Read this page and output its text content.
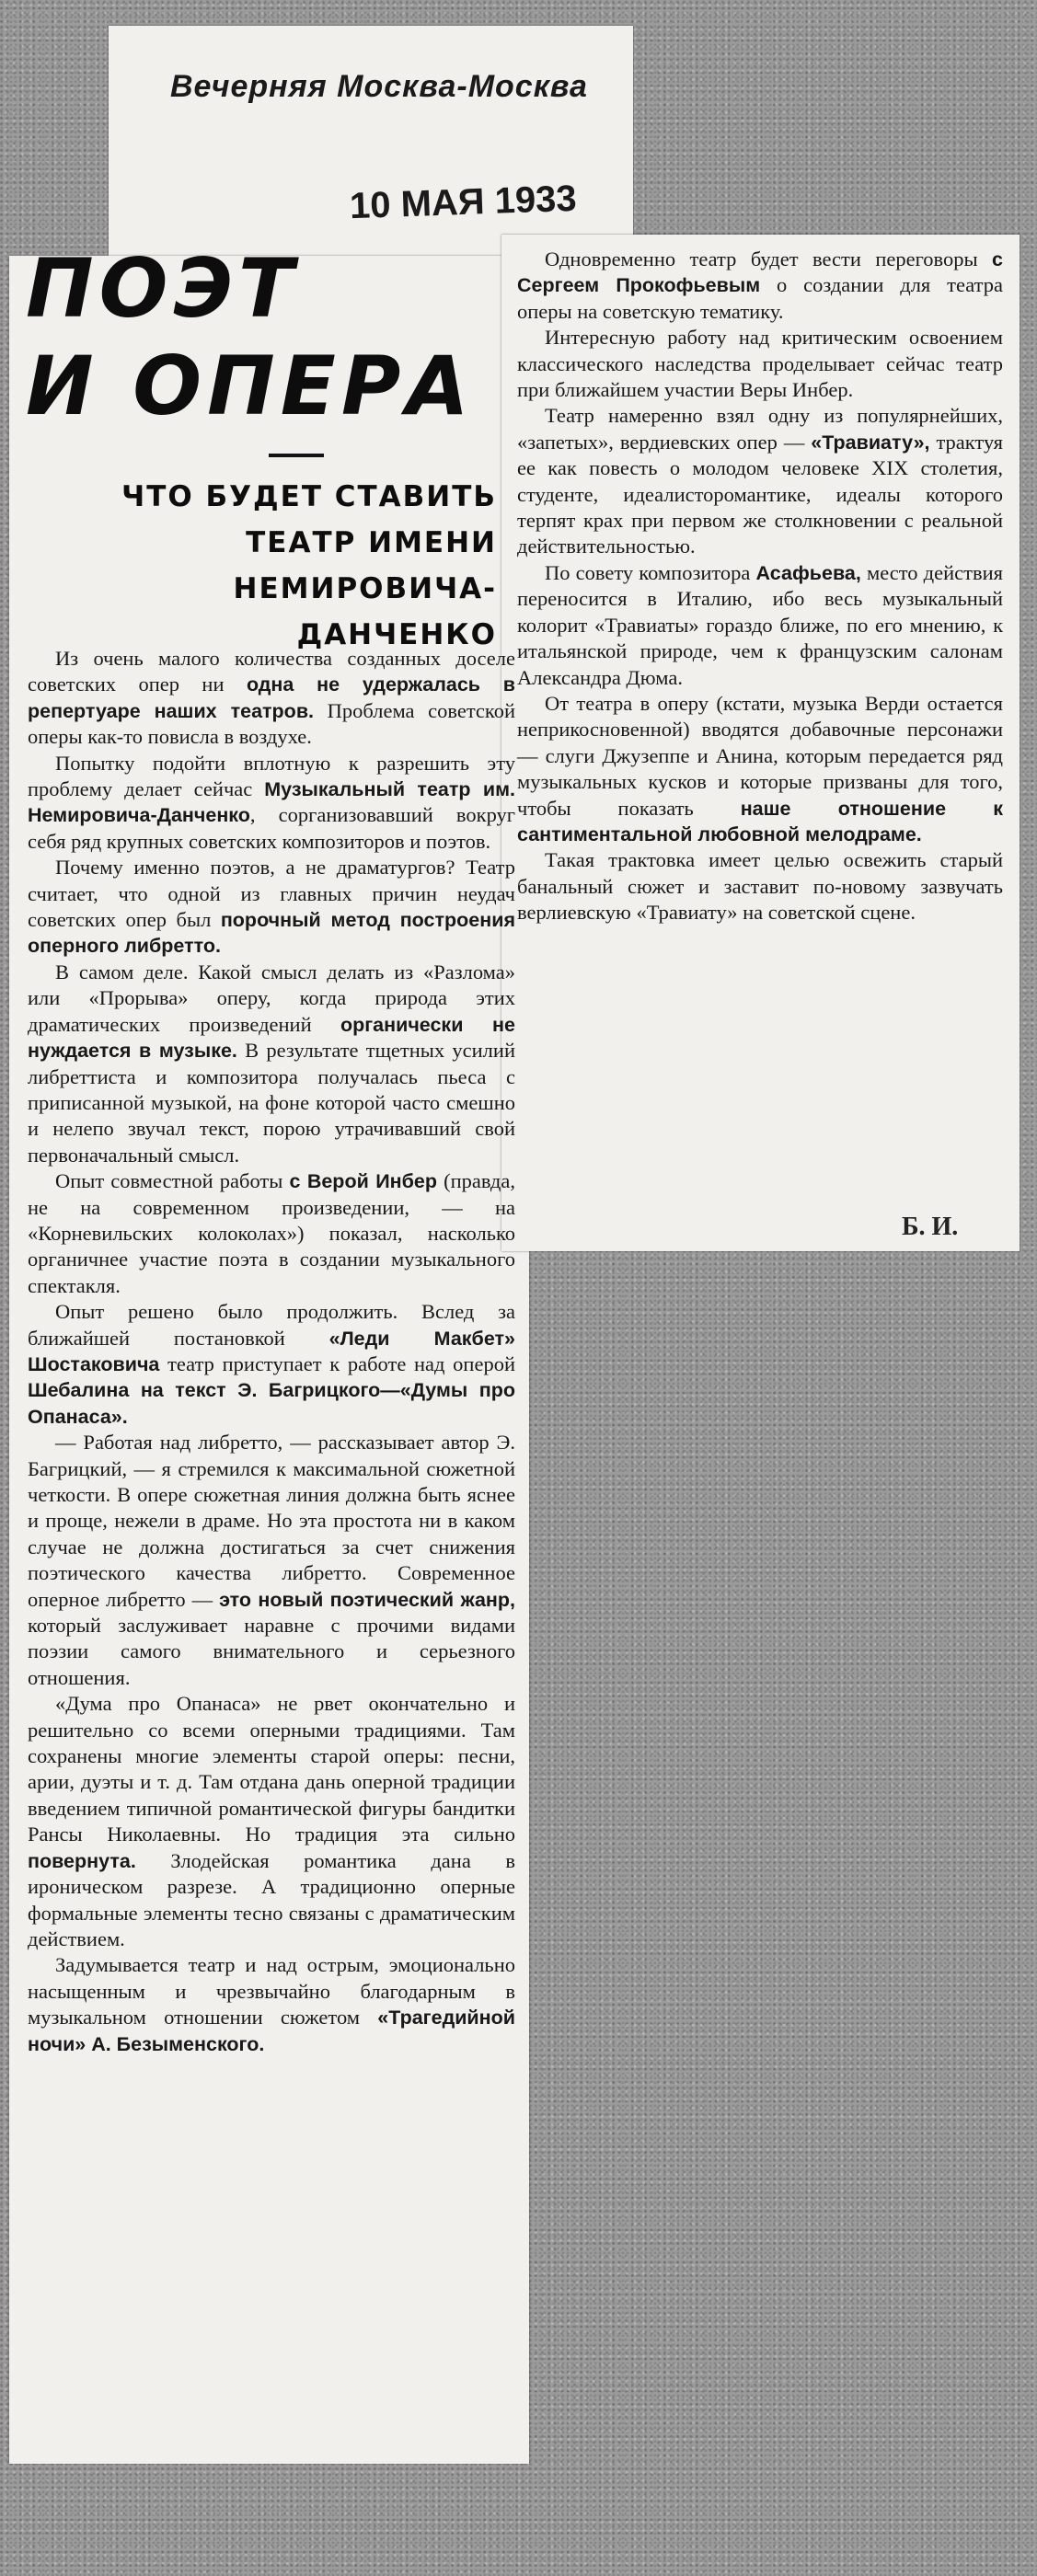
Вечерняя Москва-Москва
10 МАЯ 1933
ПОЭТ
И ОПЕРА
ЧТО БУДЕТ СТАВИТЬ
ТЕАТР ИМЕНИ
НЕМИРОВИЧА-ДАНЧЕНКО

Из очень малого количества созданных доселе советских опер ни одна не удержалась в репертуаре наших театров. Проблема советской оперы как-то повисла в воздухе.

Попытку подойти вплотную к разрешить эту проблему делает сейчас Музыкальный театр им. Немировича-Данченко, сорганизовавший вокруг себя ряд крупных советских композиторов и поэтов.

Почему именно поэтов, а не драматургов? Театр считает, что одной из главных причин неудач советских опер был порочный метод построения оперного либретто.

В самом деле. Какой смысл делать из «Разлома» или «Прорыва» оперу, когда природа этих драматических произведений органически не нуждается в музыке. В результате тщетных усилий либреттиста и композитора получалась пьеса с приписанной музыкой, на фоне которой часто смешно и нелепо звучал текст, порою утрачивавший свой первоначальный смысл.

Опыт совместной работы с Верой Инбер (правда, не на современном произведении, — на «Корневильских колоколах») показал, насколько органичнее участие поэта в создании музыкального спектакля.

Опыт решено было продолжить. Вслед за ближайшей постановкой «Леди Макбет» Шостаковича театр приступает к работе над оперой Шебалина на текст Э. Багрицкого—«Думы про Опанаса».

— Работая над либретто, — рассказывает автор Э. Багрицкий, — я стремился к максимальной сюжетной четкости. В опере сюжетная линия должна быть яснее и проще, нежели в драме. Но эта простота ни в каком случае не должна достигаться за счет снижения поэтического качества либретто. Современное оперное либретто — это новый поэтический жанр, который заслуживает наравне с прочими видами поэзии самого внимательного и серьезного отношения.

«Дума про Опанаса» не рвет окончательно и решительно со всеми оперными традициями. Там сохранены многие элементы старой оперы: песни, арии, дуэты и т. д. Там отдана дань оперной традиции введением типичной романтической фигуры бандитки Рансы Николаевны. Но традиция эта сильно повернута. Злодейская романтика дана в ироническом разрезе. А традиционно оперные формальные элементы тесно связаны с драматическим действием.

Задумывается театр и над острым, эмоционально насыщенным и чрезвычайно благодарным в музыкальном отношении сюжетом «Трагедийной ночи» А. Безыменского.

Одновременно театр будет вести переговоры с Сергеем Прокофьевым о создании для театра оперы на советскую тематику.

Интересную работу над критическим освоением классического наследства проделывает сейчас театр при ближайшем участии Веры Инбер.

Театр намеренно взял одну из популярнейших, «запетых», вердиевских опер — «Травиату», трактуя ее как повесть о молодом человеке XIX столетия, студенте, идеалисторомантике, идеалы которого терпят крах при первом же столкновении с реальной действительностью.

По совету композитора Асафьева, место действия переносится в Италию, ибо весь музыкальный колорит «Травиаты» гораздо ближе, по его мнению, к итальянской природе, чем к французским салонам Александра Дюма.

От театра в оперу (кстати, музыка Верди остается неприкосновенной) вводятся добавочные персонажи — слуги Джузеппе и Анина, которым передается ряд музыкальных кусков и которые призваны для того, чтобы показать наше отношение к сантиментальной любовной мелодраме.

Такая трактовка имеет целью освежить старый банальный сюжет и заставит по-новому зазвучать верлиевскую «Травиату» на советской сцене.

Б. И.
